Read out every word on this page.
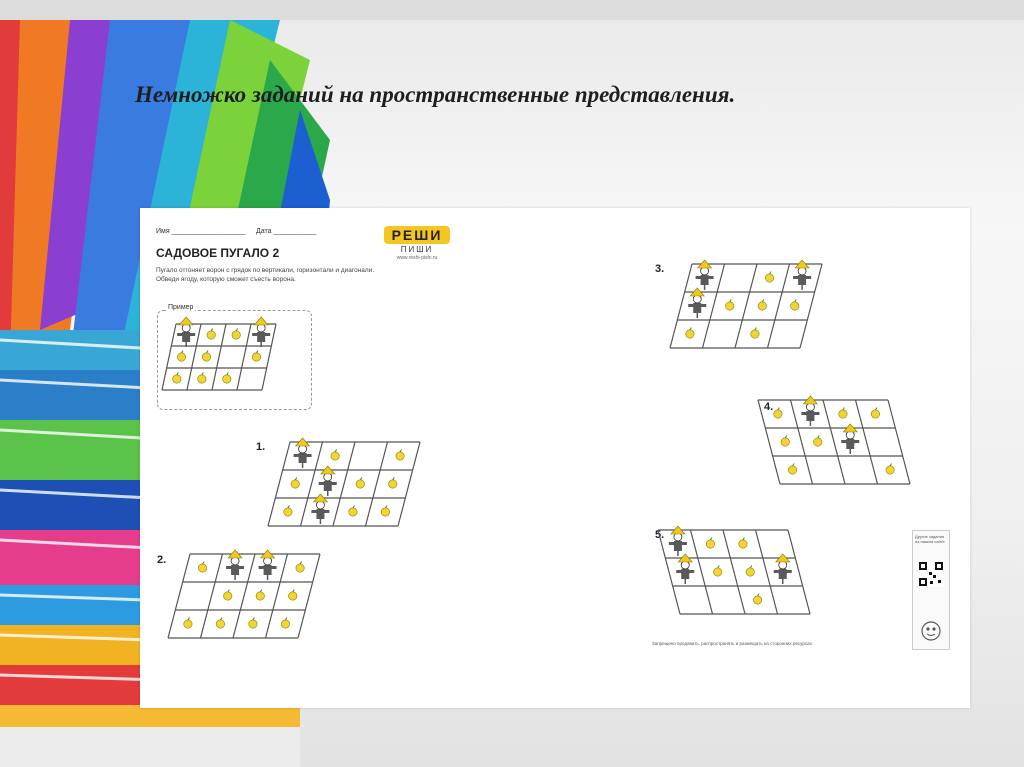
Немножко заданий на пространственные представления.
Имя ___________________ Дата ___________
САДОВОЕ ПУГАЛО 2
Пугало отгоняет ворон с грядок по вертикали, горизонтали и диагонали. Обведи ягоду, которую сможет съесть ворона.
РЕШИ
ПИШИ
www.reshi-pishi.ru
Пример
1.
2.
3.
4.
5.	Другие задания на нашем сайте
Запрещено продавать, распространять и размещать на сторонних ресурсах.
